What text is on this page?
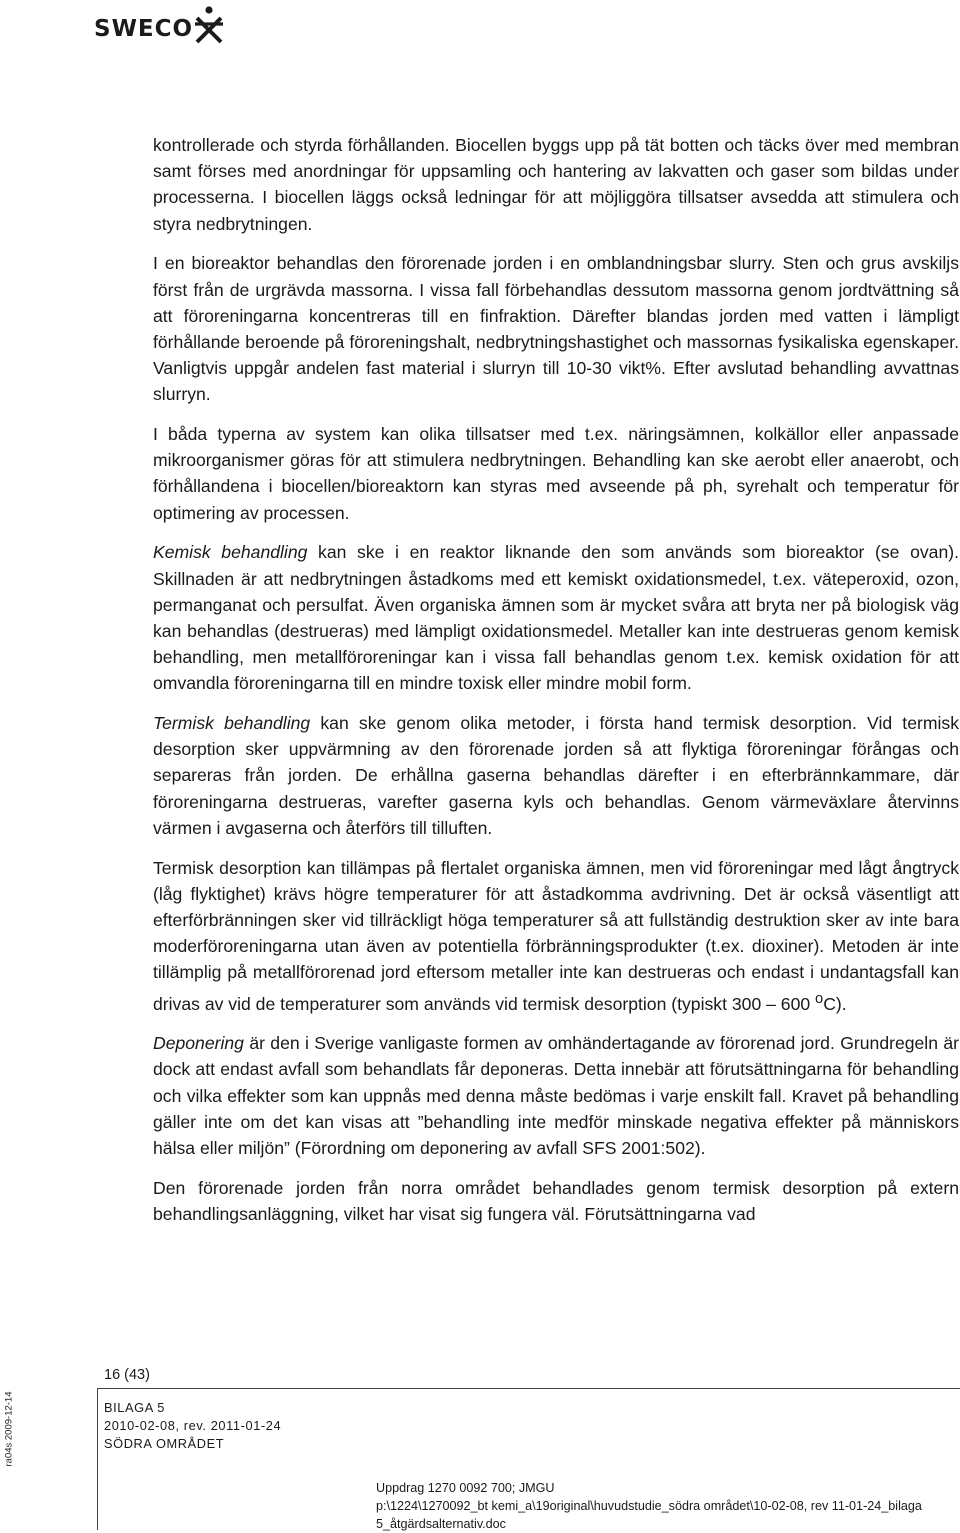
SWECO

kontrollerade och styrda förhållanden. Biocellen byggs upp på tät botten och täcks över med membran samt förses med anordningar för uppsamling och hantering av lakvatten och gaser som bildas under processerna. I biocellen läggs också ledningar för att möjliggöra tillsatser avsedda att stimulera och styra nedbrytningen.

I en bioreaktor behandlas den förorenade jorden i en omblandningsbar slurry. Sten och grus avskiljs först från de urgrävda massorna. I vissa fall förbehandlas dessutom massorna genom jordtvättning så att föroreningarna koncentreras till en finfraktion. Därefter blandas jorden med vatten i lämpligt förhållande beroende på föroreningshalt, nedbrytningshastighet och massornas fysikaliska egenskaper. Vanligtvis uppgår andelen fast material i slurryn till 10-30 vikt%. Efter avslutad behandling avvattnas slurryn.

I båda typerna av system kan olika tillsatser med t.ex. näringsämnen, kolkällor eller anpassade mikroorganismer göras för att stimulera nedbrytningen. Behandling kan ske aerobt eller anaerobt, och förhållandena i biocellen/bioreaktorn kan styras med avseende på ph, syrehalt och temperatur för optimering av processen.

Kemisk behandling kan ske i en reaktor liknande den som används som bioreaktor (se ovan). Skillnaden är att nedbrytningen åstadkoms med ett kemiskt oxidationsmedel, t.ex. väteperoxid, ozon, permanganat och persulfat. Även organiska ämnen som är mycket svåra att bryta ner på biologisk väg kan behandlas (destrueras) med lämpligt oxidationsmedel. Metaller kan inte destrueras genom kemisk behandling, men metallföroreningar kan i vissa fall behandlas genom t.ex. kemisk oxidation för att omvandla föroreningarna till en mindre toxisk eller mindre mobil form.

Termisk behandling kan ske genom olika metoder, i första hand termisk desorption. Vid termisk desorption sker uppvärmning av den förorenade jorden så att flyktiga föroreningar förångas och separeras från jorden. De erhållna gaserna behandlas därefter i en efterbrännkammare, där föroreningarna destrueras, varefter gaserna kyls och behandlas. Genom värmeväxlare återvinns värmen i avgaserna och återförs till tilluften.

Termisk desorption kan tillämpas på flertalet organiska ämnen, men vid föroreningar med lågt ångtryck (låg flyktighet) krävs högre temperaturer för att åstadkomma avdrivning. Det är också väsentligt att efterförbränningen sker vid tillräckligt höga temperaturer så att fullständig destruktion sker av inte bara moderföroreningarna utan även av potentiella förbränningsprodukter (t.ex. dioxiner). Metoden är inte tillämplig på metallförorenad jord eftersom metaller inte kan destrueras och endast i undantagsfall kan drivas av vid de temperaturer som används vid termisk desorption (typiskt 300 – 600 $^o$C).

Deponering är den i Sverige vanligaste formen av omhändertagande av förorenad jord. Grundregeln är dock att endast avfall som behandlats får deponeras. Detta innebär att förutsättningarna för behandling och vilka effekter som kan uppnås med denna måste bedömas i varje enskilt fall. Kravet på behandling gäller inte om det kan visas att ”behandling inte medför minskade negativa effekter på människors hälsa eller miljön” (Förordning om deponering av avfall SFS 2001:502).

Den förorenade jorden från norra området behandlades genom termisk desorption på extern behandlingsanläggning, vilket har visat sig fungera väl. Förutsättningarna vad

ra04s 2009-12-14
16 (43)
BILAGA 5
2010-02-08, rev. 2011-01-24
SÖDRA OMRÅDET
Uppdrag 1270 0092 700; JMGU
p:\1224\1270092_bt kemi_a\19original\huvudstudie_södra området\10-02-08, rev 11-01-24_bilaga 5_åtgärdsalternativ.doc
